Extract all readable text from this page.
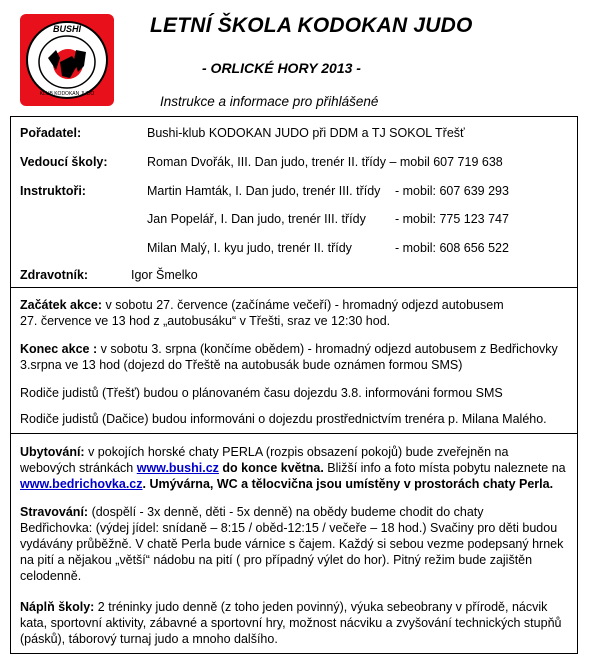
BUSHI
KLUB KODOKAN JUDO
LETNÍ ŠKOLA KODOKAN JUDO
- ORLICKÉ HORY 2013 -
Instrukce a informace pro přihlášené
Pořadatel:	Bushi-klub KODOKAN JUDO při DDM a TJ SOKOL Třešť
Vedoucí školy:	Roman Dvořák, III. Dan judo, trenér II. třídy – mobil 607 719 638
Instruktoři:	Martin Hamták, I. Dan judo, trenér III. třídy - mobil: 607 639 293
Jan Popelář, I. Dan judo, trenér III. třídy - mobil: 775 123 747
Milan Malý, I. kyu judo, trenér II. třídy	- mobil: 608 656 522
Zdravotník:	Igor Šmelko
Začátek akce: v sobotu 27. července (začínáme večeří) - hromadný odjezd autobusem
27. července ve 13 hod z „autobusáku“ v Třešti, sraz ve 12:30 hod.
Konec akce : v sobotu 3. srpna (končíme obědem) - hromadný odjezd autobusem z Bedřichovky
3.srpna ve 13 hod (dojezd do Třeště na autobusák bude oznámen formou SMS)
Rodiče judistů (Třešť) budou o plánovaném času dojezdu 3.8. informováni formou SMS
Rodiče judistů (Dačice) budou informováni o dojezdu prostřednictvím trenéra p. Milana Malého.
Ubytování: v pokojích horské chaty PERLA (rozpis obsazení pokojů) bude zveřejněn na
webových stránkách www.bushi.cz do konce května. Bližší info a foto místa pobytu naleznete na
www.bedrichovka.cz. Umývárna, WC a tělocvična jsou umístěny v prostorách chaty Perla.
Stravování: (dospělí - 3x denně, děti - 5x denně) na obědy budeme chodit do chaty
Bedřichovka: (výdej jídel: snídaně – 8:15 / oběd-12:15 / večeře – 18 hod.) Svačiny pro děti budou
vydávány průběžně. V chatě Perla bude várnice s čajem. Každý si sebou vezme podepsaný hrnek
na pití a nějakou „větší“ nádobu na pití ( pro případný výlet do hor). Pitný režim bude zajištěn
celodenně.
Náplň školy: 2 tréninky judo denně (z toho jeden povinný), výuka sebeobrany v přírodě, nácvik
kata, sportovní aktivity, zábavné a sportovní hry, možnost nácviku a zvyšování technických stupňů
(pásků), táborový turnaj judo a mnoho dalšího.
